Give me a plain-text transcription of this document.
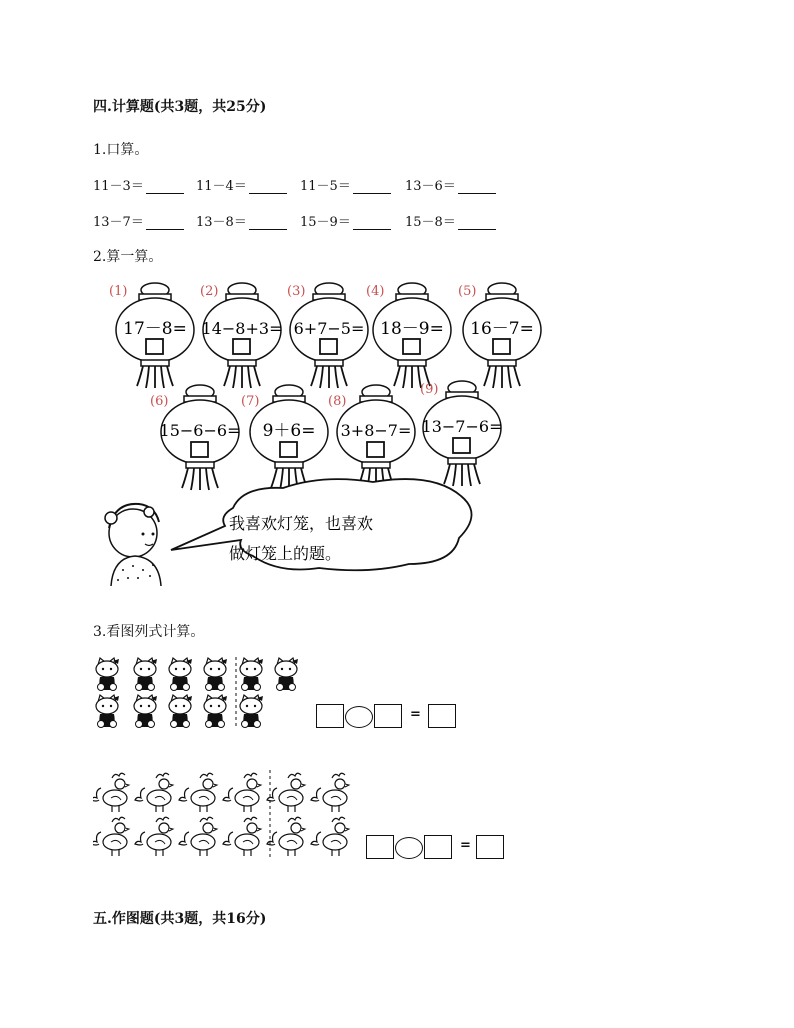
四.计算题(共3题，共25分)
1.口算。
11－3＝	11－4＝	11－5＝	13－6＝
13－7＝	13－8＝	15－9＝	15－8＝
2.算一算。
(1)
17－8=
(2)
14−8+3=
(3)
6+7−5=
(4)
18－9=
(5)
16－7=
(6)
15−6−6=
(7)
9＋6=
(8)
3+8−7=
(9)
13−7−6=
我喜欢灯笼，也喜欢
做灯笼上的题。
3.看图列式计算。
=
=
五.作图题(共3题，共16分)
